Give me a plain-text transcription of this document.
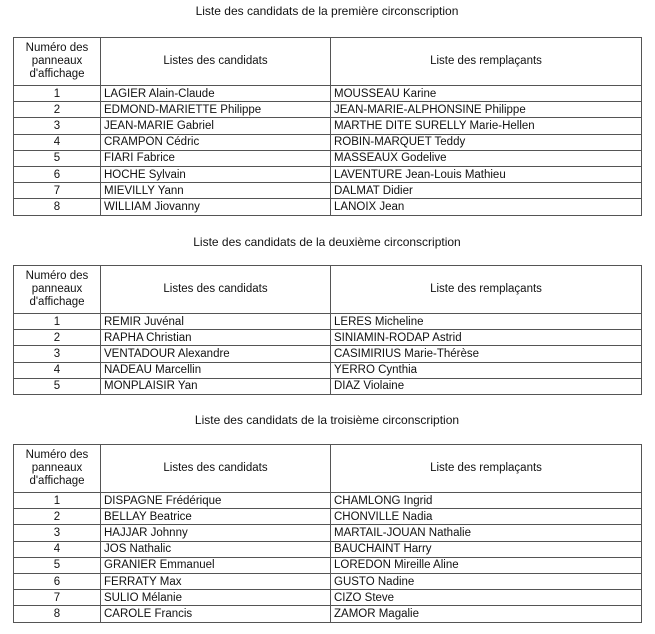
Liste des candidats de la première circonscription
Numéro des panneaux d'affichage	Listes des candidats	Liste des remplaçants
1	LAGIER Alain-Claude	MOUSSEAU Karine
2	EDMOND-MARIETTE Philippe	JEAN-MARIE-ALPHONSINE Philippe
3	JEAN-MARIE Gabriel	MARTHE DITE SURELLY Marie-Hellen
4	CRAMPON Cédric	ROBIN-MARQUET Teddy
5	FIARI Fabrice	MASSEAUX Godelive
6	HOCHE Sylvain	LAVENTURE Jean-Louis Mathieu
7	MIEVILLY Yann	DALMAT Didier
8	WILLIAM Jiovanny	LANOIX Jean
Liste des candidats de la deuxième circonscription
Numéro des panneaux d'affichage	Listes des candidats	Liste des remplaçants
1	REMIR Juvénal	LERES Micheline
2	RAPHA Christian	SINIAMIN-RODAP Astrid
3	VENTADOUR Alexandre	CASIMIRIUS Marie-Thérèse
4	NADEAU Marcellin	YERRO Cynthia
5	MONPLAISIR Yan	DIAZ Violaine
Liste des candidats de la troisième circonscription
Numéro des panneaux d'affichage	Listes des candidats	Liste des remplaçants
1	DISPAGNE Frédérique	CHAMLONG Ingrid
2	BELLAY Beatrice	CHONVILLE Nadia
3	HAJJAR Johnny	MARTAIL-JOUAN Nathalie
4	JOS Nathalic	BAUCHAINT Harry
5	GRANIER Emmanuel	LOREDON Mireille Aline
6	FERRATY Max	GUSTO Nadine
7	SULIO Mélanie	CIZO Steve
8	CAROLE Francis	ZAMOR Magalie
